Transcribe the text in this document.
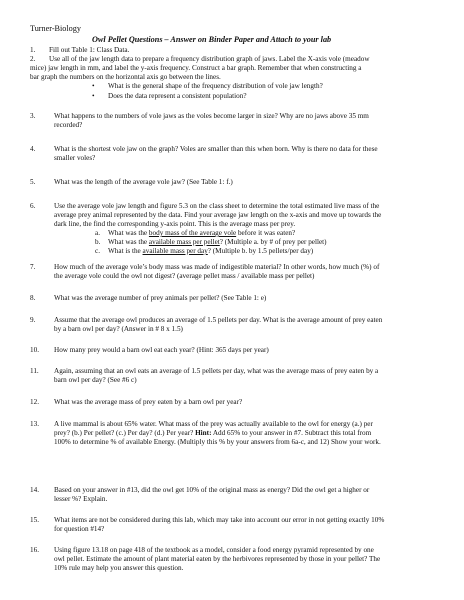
Turner-Biology
Owl Pellet Questions – Answer on Binder Paper and Attach to your lab
1. Fill out Table 1: Class Data.
2. Use all of the jaw length data to prepare a frequency distribution graph of jaws. Label the X-axis vole (meadow
mice) jaw length in mm, and label the y-axis frequency. Construct a bar graph. Remember that when constructing a
bar graph the numbers on the horizontal axis go between the lines.
• What is the general shape of the frequency distribution of vole jaw length?
• Does the data represent a consistent population?
3.	What happens to the numbers of vole jaws as the voles become larger in size? Why are no jaws above 35 mm
recorded?
4.	What is the shortest vole jaw on the graph? Voles are smaller than this when born. Why is there no data for these
smaller voles?
5.	What was the length of the average vole jaw? (See Table 1: f.)
6.	Use the average vole jaw length and figure 5.3 on the class sheet to determine the total estimated live mass of the
average prey animal represented by the data. Find your average jaw length on the x-axis and move up towards the
dark line, the find the corresponding y-axis point. This is the average mass per prey.
a. What was the body mass of the average vole before it was eaten?
b. What was the available mass per pellet? (Multiple a. by # of prey per pellet)
c. What is the available mass per day? (Multiple b. by 1.5 pellets/per day)
7.	How much of the average vole’s body mass was made of indigestible material? In other words, how much (%) of
the average vole could the owl not digest? (average pellet mass / available mass per pellet)
8.	What was the average number of prey animals per pellet? (See Table 1: e)
9.	Assume that the average owl produces an average of 1.5 pellets per day. What is the average amount of prey eaten
by a barn owl per day? (Answer in # 8 x 1.5)
10. How many prey would a barn owl eat each year? (Hint: 365 days per year)
11. Again, assuming that an owl eats an average of 1.5 pellets per day, what was the average mass of prey eaten by a
barn owl per day? (See #6 c)
12. What was the average mass of prey eaten by a barn owl per year?
13. A live mammal is about 65% water. What mass of the prey was actually available to the owl for energy (a.) per
prey? (b.) Per pellet? (c.) Per day? (d.) Per year? Hint: Add 65% to your answer in #7. Subtract this total from
100% to determine % of available Energy. (Multiply this % by your answers from 6a-c, and 12) Show your work.
14. Based on your answer in #13, did the owl get 10% of the original mass as energy? Did the owl get a higher or
lesser %? Explain.
15. What items are not be considered during this lab, which may take into account our error in not getting exactly 10%
for question #14?
16. Using figure 13.18 on page 418 of the textbook as a model, consider a food energy pyramid represented by one
owl pellet. Estimate the amount of plant material eaten by the herbivores represented by those in your pellet? The
10% rule may help you answer this question.
